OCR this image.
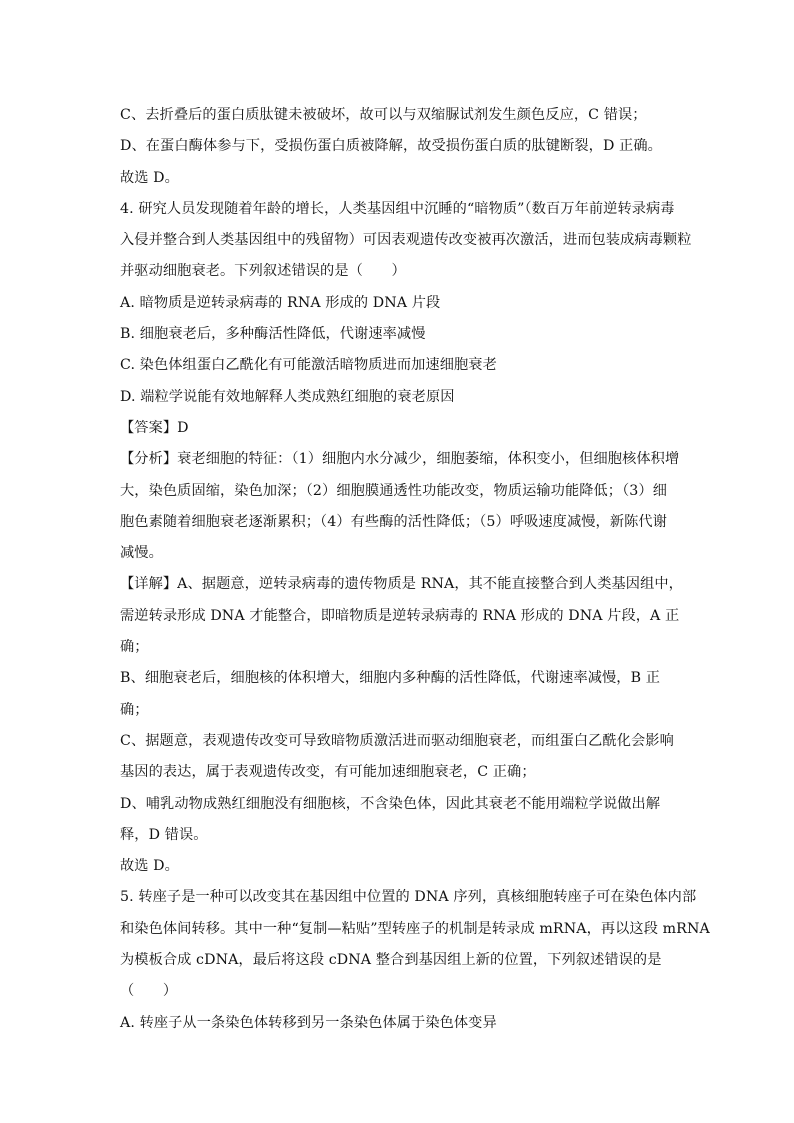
C、去折叠后的蛋白质肽键未被破坏，故可以与双缩脲试剂发生颜色反应，C 错误；
D、在蛋白酶体参与下，受损伤蛋白质被降解，故受损伤蛋白质的肽键断裂，D 正确。
故选 D。
4. 研究人员发现随着年龄的增长，人类基因组中沉睡的“暗物质”（数百万年前逆转录病毒
入侵并整合到人类基因组中的残留物）可因表观遗传改变被再次激活，进而包装成病毒颗粒
并驱动细胞衰老。下列叙述错误的是（　　）
A. 暗物质是逆转录病毒的 RNA 形成的 DNA 片段
B. 细胞衰老后，多种酶活性降低，代谢速率减慢
C. 染色体组蛋白乙酰化有可能激活暗物质进而加速细胞衰老
D. 端粒学说能有效地解释人类成熟红细胞的衰老原因
【答案】D
【分析】衰老细胞的特征：（1）细胞内水分减少，细胞萎缩，体积变小，但细胞核体积增
大，染色质固缩，染色加深；（2）细胞膜通透性功能改变，物质运输功能降低；（3）细
胞色素随着细胞衰老逐渐累积；（4）有些酶的活性降低；（5）呼吸速度减慢，新陈代谢
减慢。
【详解】A、据题意，逆转录病毒的遗传物质是 RNA，其不能直接整合到人类基因组中，
需逆转录形成 DNA 才能整合，即暗物质是逆转录病毒的 RNA 形成的 DNA 片段，A 正
确；
B、细胞衰老后，细胞核的体积增大，细胞内多种酶的活性降低，代谢速率减慢，B 正
确；
C、据题意，表观遗传改变可导致暗物质激活进而驱动细胞衰老，而组蛋白乙酰化会影响
基因的表达，属于表观遗传改变，有可能加速细胞衰老，C 正确；
D、哺乳动物成熟红细胞没有细胞核，不含染色体，因此其衰老不能用端粒学说做出解
释，D 错误。
故选 D。
5. 转座子是一种可以改变其在基因组中位置的 DNA 序列，真核细胞转座子可在染色体内部
和染色体间转移。其中一种“复制—粘贴”型转座子的机制是转录成 mRNA，再以这段 mRNA
为模板合成 cDNA，最后将这段 cDNA 整合到基因组上新的位置，下列叙述错误的是
（　　）
A. 转座子从一条染色体转移到另一条染色体属于染色体变异
